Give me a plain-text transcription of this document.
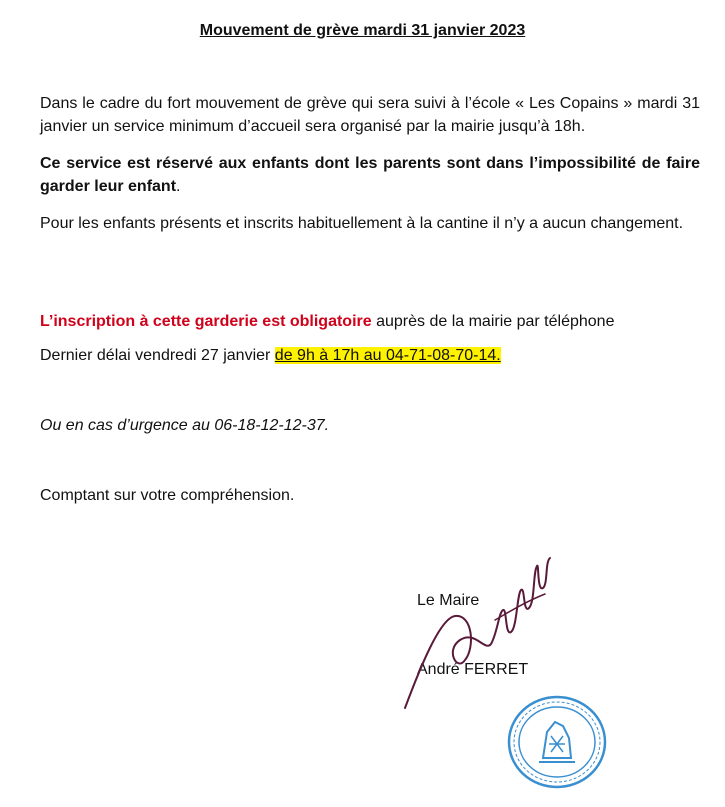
Mouvement de grève mardi 31 janvier 2023
Dans le cadre du fort mouvement de grève qui sera suivi à l’école « Les Copains » mardi 31 janvier un service minimum d’accueil sera organisé par la mairie jusqu’à 18h.
Ce service est réservé aux enfants dont les parents sont dans l’impossibilité de faire garder leur enfant.
Pour les enfants présents et inscrits habituellement à la cantine il n’y a aucun changement.
L’inscription à cette garderie est obligatoire auprès de la mairie par téléphone
Dernier délai vendredi 27 janvier de 9h à 17h au 04-71-08-70-14.
Ou en cas d’urgence au 06-18-12-12-37.
Comptant sur votre compréhension.
Le Maire
André FERRET
